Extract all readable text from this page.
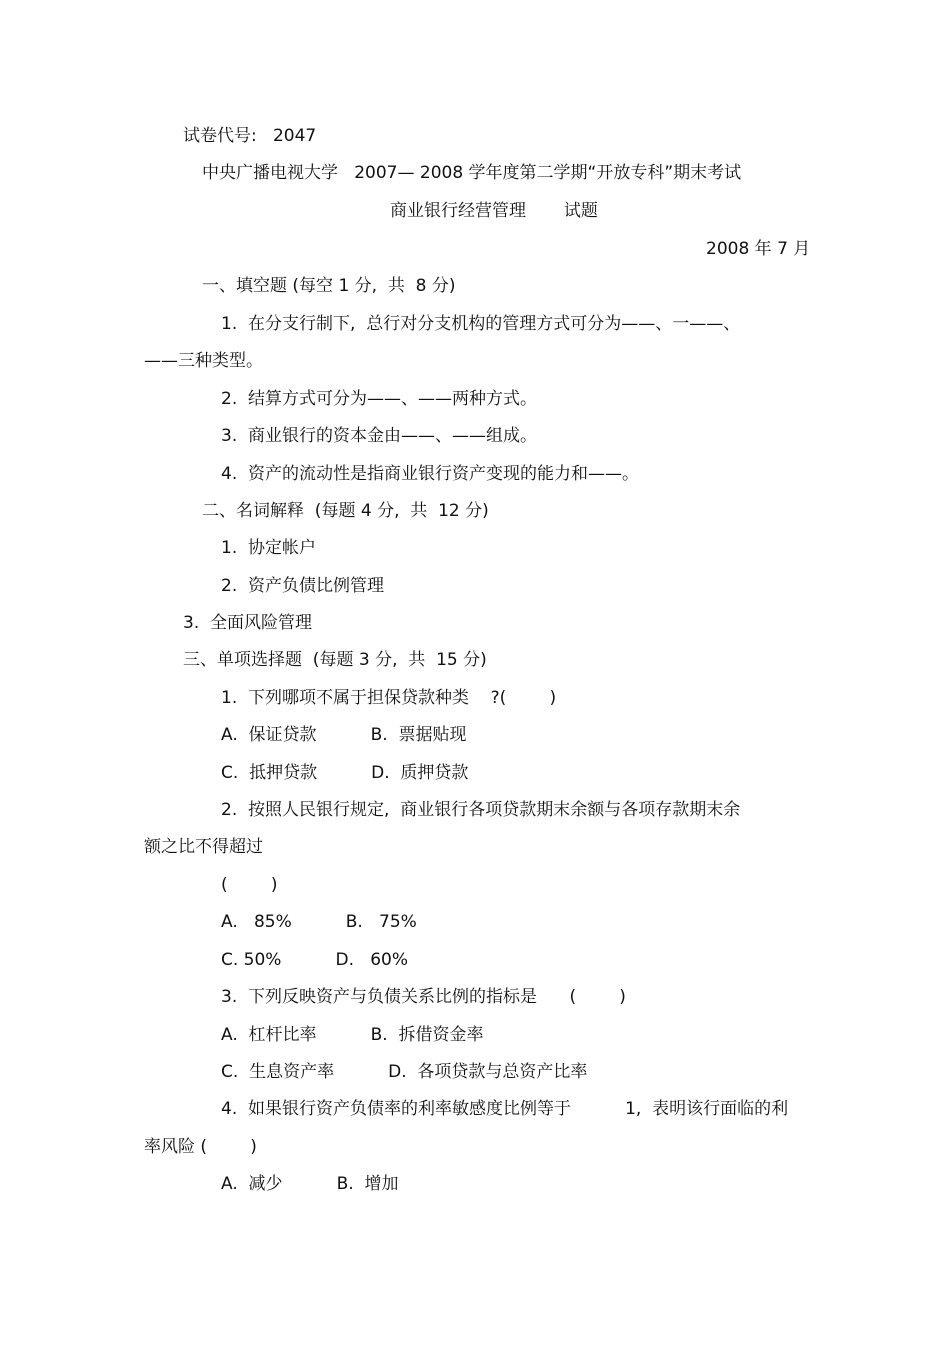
试卷代号:   2047
中央广播电视大学   2007— 2008 学年度第二学期“开放专科”期末考试
商业银行经营管理       试题
2008 年 7 月
一、填空题 (每空 1 分,  共  8 分)
1.  在分支行制下,  总行对分支机构的管理方式可分为——、一——、
——三种类型。
2.  结算方式可分为——、——两种方式。
3.  商业银行的资本金由——、——组成。
4.  资产的流动性是指商业银行资产变现的能力和——。
二、名词解释  (每题 4 分,  共  12 分)
1.  协定帐户
2.  资产负债比例管理
3.  全面风险管理
三、单项选择题  (每题 3 分,  共  15 分)
1.  下列哪项不属于担保贷款种类    ?(        )
A.  保证贷款          B.  票据贴现
C.  抵押贷款          D.  质押贷款
2.  按照人民银行规定,  商业银行各项贷款期末余额与各项存款期末余
额之比不得超过
(        )
A.   85%          B.   75%
C. 50%          D.   60%
3.  下列反映资产与负债关系比例的指标是      (        )
A.  杠杆比率          B.  拆借资金率
C.  生息资产率          D.  各项贷款与总资产比率
4.  如果银行资产负债率的利率敏感度比例等于          1,  表明该行面临的利
率风险 (        )
A.  减少          B.  增加
